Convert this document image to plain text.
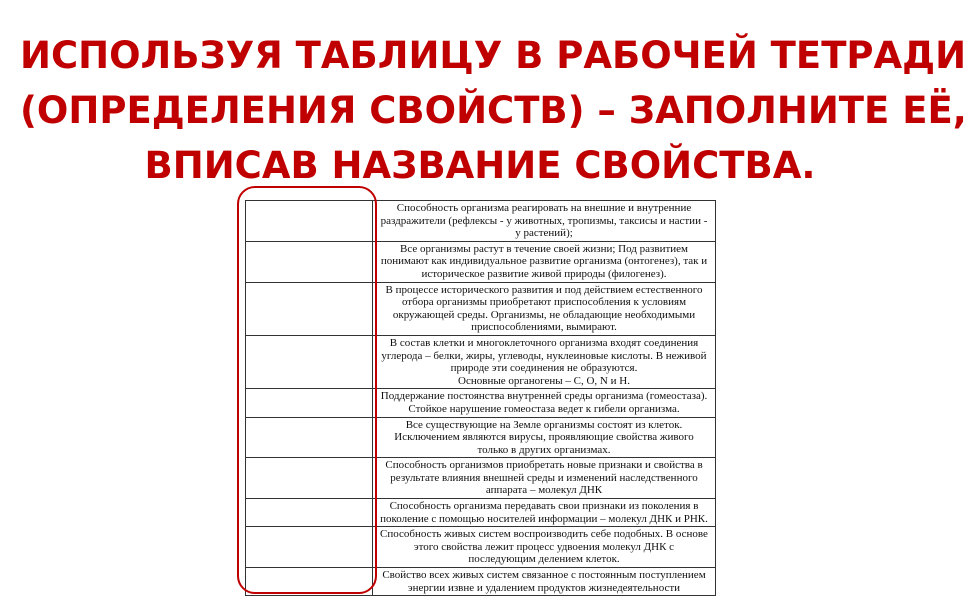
ИСПОЛЬЗУЯ ТАБЛИЦУ В РАБОЧЕЙ ТЕТРАДИ
(ОПРЕДЕЛЕНИЯ СВОЙСТВ) – ЗАПОЛНИТЕ ЕЁ,
ВПИСАВ НАЗВАНИЕ СВОЙСТВА.

	Способность организма реагировать на внешние и внутренние
раздражители (рефлексы - у животных, тропизмы, таксисы и настии -
у растений);

	Все организмы растут в течение своей жизни; Под развитием
понимают как индивидуальное развитие организма (онтогенез), так и
историческое развитие живой природы (филогенез).

	В процессе исторического развития и под действием естественного
отбора организмы приобретают приспособления к условиям
окружающей среды. Организмы, не обладающие необходимыми
приспособлениями, вымирают.

	В состав клетки и многоклеточного организма входят соединения
углерода – белки, жиры, углеводы, нуклеиновые кислоты. В неживой
природе эти соединения не образуются.
Основные органогены – С, О, N и Н.

	Поддержание постоянства внутренней среды организма (гомеостаза).
Стойкое нарушение гомеостаза ведет к гибели организма.

	Все существующие на Земле организмы состоят из клеток.
Исключением являются вирусы, проявляющие свойства живого
только в других организмах.

	Способность организмов приобретать новые признаки и свойства в
результате влияния внешней среды и изменений наследственного
аппарата – молекул ДНК

	Способность организма передавать свои признаки из поколения в
поколение с помощью носителей информации – молекул ДНК и РНК.

	Способность живых систем воспроизводить себе подобных. В основе
этого свойства лежит процесс удвоения молекул ДНК с
последующим делением клеток.

	Свойство всех живых систем связанное с постоянным поступлением
энергии извне и удалением продуктов жизнедеятельности
